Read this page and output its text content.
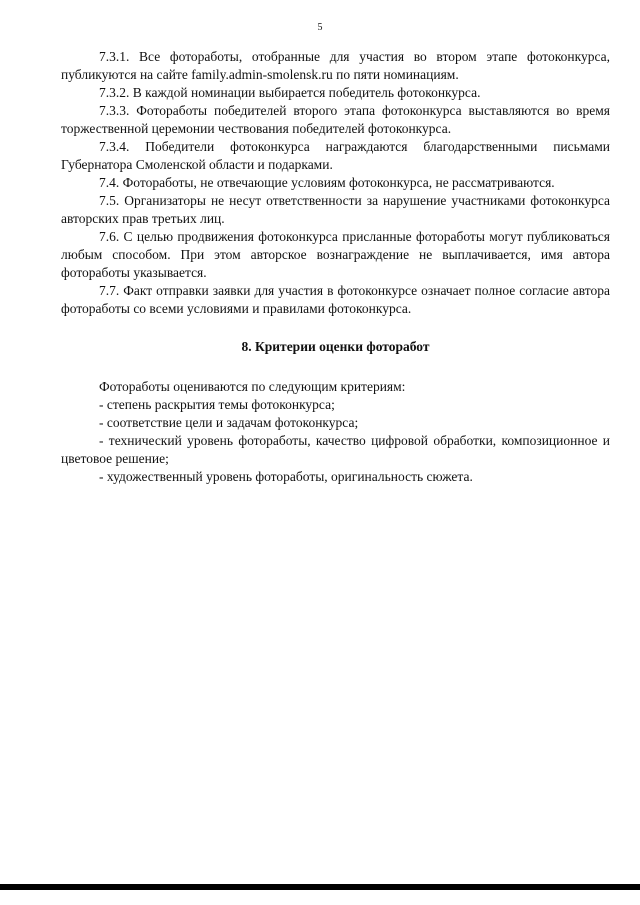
5

7.3.1. Все фотоработы, отобранные для участия во втором этапе фотоконкурса, публикуются на сайте family.admin-smolensk.ru по пяти номинациям.

7.3.2. В каждой номинации выбирается победитель фотоконкурса.

7.3.3. Фотоработы победителей второго этапа фотоконкурса выставляются во время торжественной церемонии чествования победителей фотоконкурса.

7.3.4. Победители фотоконкурса награждаются благодарственными письмами Губернатора Смоленской области и подарками.

7.4. Фотоработы, не отвечающие условиям фотоконкурса, не рассматриваются.

7.5. Организаторы не несут ответственности за нарушение участниками фотоконкурса авторских прав третьих лиц.

7.6. С целью продвижения фотоконкурса присланные фотоработы могут публиковаться любым способом. При этом авторское вознаграждение не выплачивается, имя автора фотоработы указывается.

7.7. Факт отправки заявки для участия в фотоконкурсе означает полное согласие автора фотоработы со всеми условиями и правилами фотоконкурса.

8. Критерии оценки фоторабот

Фотоработы оцениваются по следующим критериям:

- степень раскрытия темы фотоконкурса;

- соответствие цели и задачам фотоконкурса;

- технический уровень фотоработы, качество цифровой обработки, композиционное и цветовое решение;

- художественный уровень фотоработы, оригинальность сюжета.
